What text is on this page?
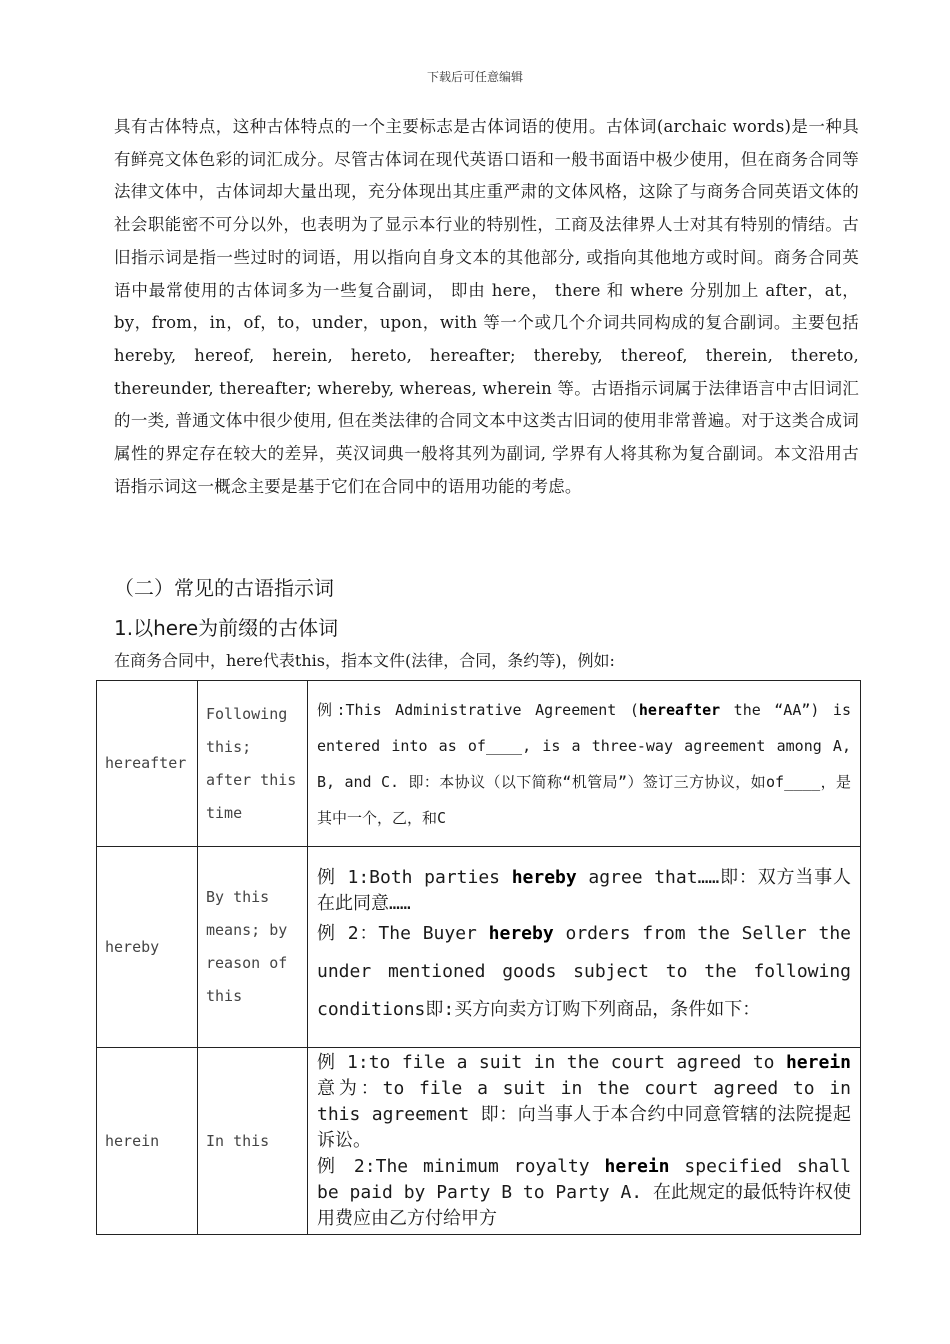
下载后可任意编辑
具有古体特点，这种古体特点的一个主要标志是古体词语的使用。古体词(archaic words)是一种具有鲜亮文体色彩的词汇成分。尽管古体词在现代英语口语和一般书面语中极少使用，但在商务合同等法律文体中，古体词却大量出现，充分体现出其庄重严肃的文体风格，这除了与商务合同英语文体的社会职能密不可分以外，也表明为了显示本行业的特别性，工商及法律界人士对其有特别的情结。古旧指示词是指一些过时的词语，用以指向自身文本的其他部分, 或指向其他地方或时间。商务合同英语中最常使用的古体词多为一些复合副词， 即由 here， there 和 where 分别加上 after，at，by，from，in，of，to，under，upon，with 等一个或几个介词共同构成的复合副词。主要包括 hereby, hereof, herein, hereto, hereafter; thereby, thereof, therein, thereto, thereunder, thereafter; whereby, whereas, wherein 等。古语指示词属于法律语言中古旧词汇的一类, 普通文体中很少使用, 但在类法律的合同文本中这类古旧词的使用非常普遍。对于这类合成词属性的界定存在较大的差异，英汉词典一般将其列为副词, 学界有人将其称为复合副词。本文沿用古语指示词这一概念主要是基于它们在合同中的语用功能的考虑。
（二）常见的古语指示词
1.以here为前缀的古体词
在商务合同中，here代表this，指本文件(法律，合同，条约等)，例如:
hereafter	Following this; after this time	例:This Administrative Agreement (hereafter the “AA”) is entered into as of____, is a three-way agreement among A, B, and C. 即：本协议（以下简称“机管局”）签订三方协议，如of____，是其中一个，乙，和C
hereby	By this means; by reason of this	例 1:Both parties hereby agree that……即：双方当事人在此同意……
例 2：The Buyer hereby orders from the Seller the under mentioned goods subject to the following conditions即:买方向卖方订购下列商品，条件如下：
herein	In this	例 1:to file a suit in the court agreed to herein 意为：to file a suit in the court agreed to in this agreement 即：向当事人于本合约中同意管辖的法院提起诉讼。
例 2:The minimum royalty herein specified shall be paid by Party B to Party A. 在此规定的最低特许权使用费应由乙方付给甲方
